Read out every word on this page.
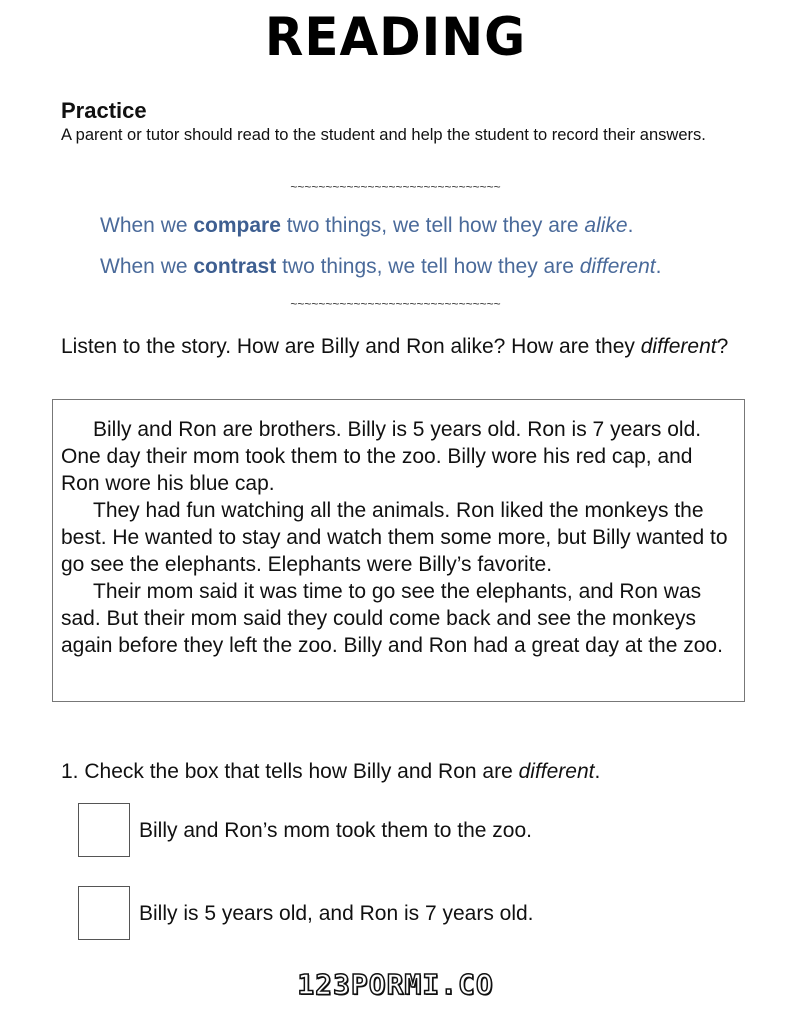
READING
Practice
A parent or tutor should read to the student and help the student to record their answers.
~~~~~~~~~~~~~~~~~~~~~~~~~~~~~~
When we compare two things, we tell how they are alike.
When we contrast two things, we tell how they are different.
~~~~~~~~~~~~~~~~~~~~~~~~~~~~~~
Listen to the story. How are Billy and Ron alike? How are they different?

Billy and Ron are brothers. Billy is 5 years old. Ron is 7 years old. One day their mom took them to the zoo. Billy wore his red cap, and Ron wore his blue cap.

They had fun watching all the animals. Ron liked the monkeys the best. He wanted to stay and watch them some more, but Billy wanted to go see the elephants. Elephants were Billy’s favorite.

Their mom said it was time to go see the elephants, and Ron was sad. But their mom said they could come back and see the monkeys again before they left the zoo. Billy and Ron had a great day at the zoo.

1. Check the box that tells how Billy and Ron are different.
Billy and Ron’s mom took them to the zoo.
Billy is 5 years old, and Ron is 7 years old.
123PORMI.CO
